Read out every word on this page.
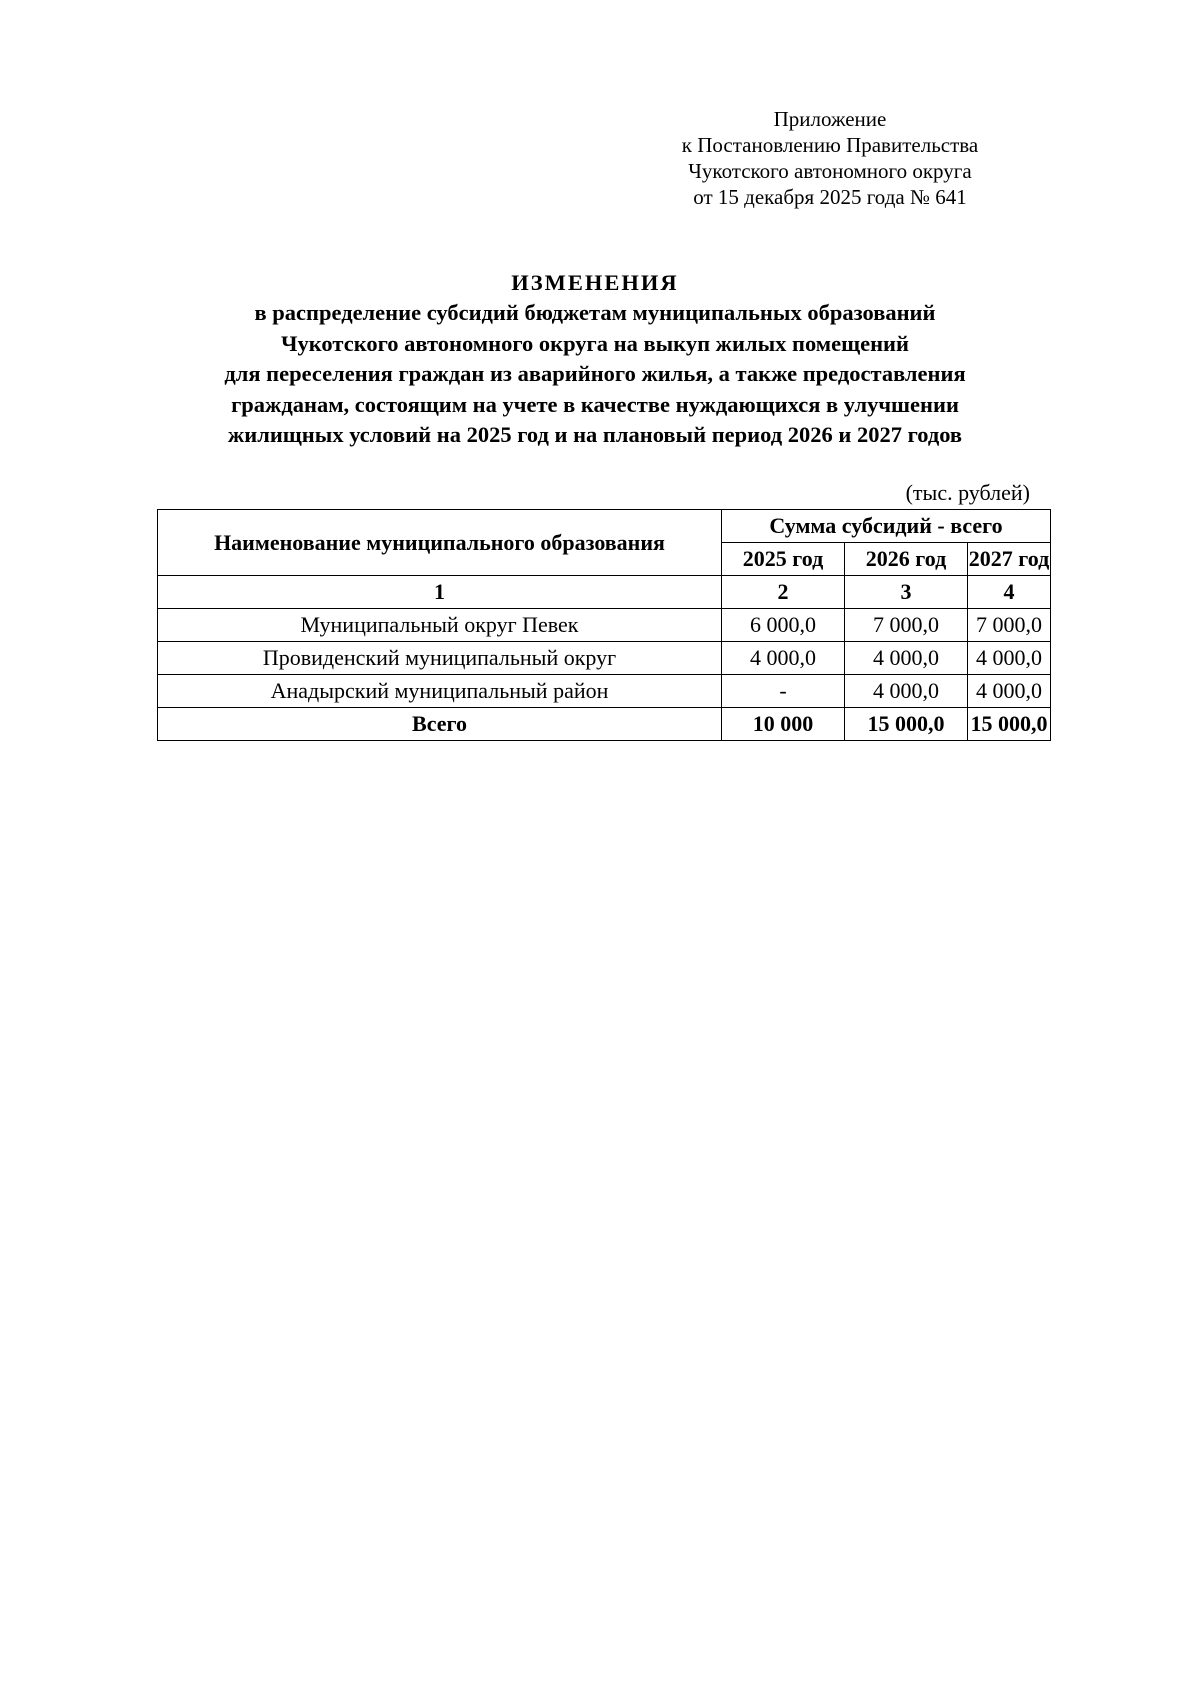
Приложение
к Постановлению Правительства
Чукотского автономного округа
от 15 декабря 2025 года № 641
ИЗМЕНЕНИЯ
в распределение субсидий бюджетам муниципальных образований
Чукотского автономного округа на выкуп жилых помещений
для переселения граждан из аварийного жилья, а также предоставления
гражданам, состоящим на учете в качестве нуждающихся в улучшении
жилищных условий на 2025 год и на плановый период 2026 и 2027 годов
(тыс. рублей)
Наименование муниципального образования	Сумма субсидий - всего		
	2025 год	2026 год	2027 год
1	2	3	4
Муниципальный округ Певек	6 000,0	7 000,0	7 000,0
Провиденский муниципальный округ	4 000,0	4 000,0	4 000,0
Анадырский муниципальный район	-	4 000,0	4 000,0
Всего	10 000	15 000,0	15 000,0
